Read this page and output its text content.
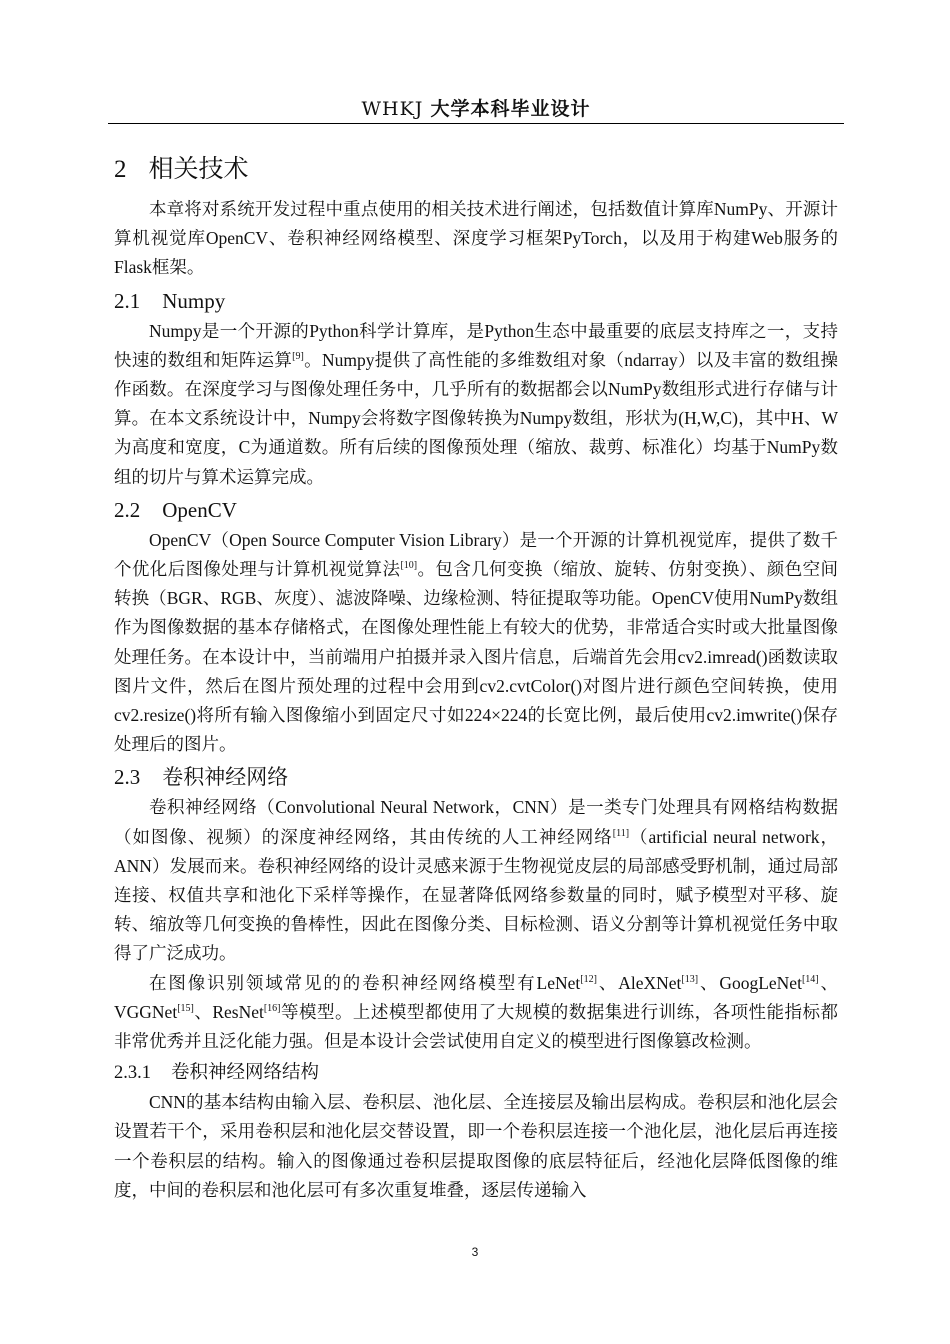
WHKJ 大学本科毕业设计
2 相关技术

本章将对系统开发过程中重点使用的相关技术进行阐述，包括数值计算库NumPy、开源计算机视觉库OpenCV、卷积神经网络模型、深度学习框架PyTorch，以及用于构建Web服务的Flask框架。

2.1 Numpy

Numpy是一个开源的Python科学计算库，是Python生态中最重要的底层支持库之一，支持快速的数组和矩阵运算[9]。Numpy提供了高性能的多维数组对象（ndarray）以及丰富的数组操作函数。在深度学习与图像处理任务中，几乎所有的数据都会以NumPy数组形式进行存储与计算。在本文系统设计中，Numpy会将数字图像转换为Numpy数组，形状为(H,W,C)，其中H、W为高度和宽度，C为通道数。所有后续的图像预处理（缩放、裁剪、标准化）均基于NumPy数组的切片与算术运算完成。

2.2 OpenCV

OpenCV（Open Source Computer Vision Library）是一个开源的计算机视觉库，提供了数千个优化后图像处理与计算机视觉算法[10]。包含几何变换（缩放、旋转、仿射变换）、颜色空间转换（BGR、RGB、灰度）、滤波降噪、边缘检测、特征提取等功能。OpenCV使用NumPy数组作为图像数据的基本存储格式，在图像处理性能上有较大的优势，非常适合实时或大批量图像处理任务。在本设计中，当前端用户拍摄并录入图片信息，后端首先会用cv2.imread()函数读取图片文件，然后在图片预处理的过程中会用到cv2.cvtColor()对图片进行颜色空间转换，使用cv2.resize()将所有输入图像缩小到固定尺寸如224×224的长宽比例，最后使用cv2.imwrite()保存处理后的图片。

2.3 卷积神经网络

卷积神经网络（Convolutional Neural Network，CNN）是一类专门处理具有网格结构数据（如图像、视频）的深度神经网络，其由传统的人工神经网络[11]（artificial neural network，ANN）发展而来。卷积神经网络的设计灵感来源于生物视觉皮层的局部感受野机制，通过局部连接、权值共享和池化下采样等操作，在显著降低网络参数量的同时，赋予模型对平移、旋转、缩放等几何变换的鲁棒性，因此在图像分类、目标检测、语义分割等计算机视觉任务中取得了广泛成功。

在图像识别领域常见的的卷积神经网络模型有LeNet[12]、AleXNet[13]、GoogLeNet[14]、VGGNet[15]、ResNet[16]等模型。上述模型都使用了大规模的数据集进行训练，各项性能指标都非常优秀并且泛化能力强。但是本设计会尝试使用自定义的模型进行图像篡改检测。

2.3.1 卷积神经网络结构

CNN的基本结构由输入层、卷积层、池化层、全连接层及输出层构成。卷积层和池化层会设置若干个，采用卷积层和池化层交替设置，即一个卷积层连接一个池化层，池化层后再连接一个卷积层的结构。输入的图像通过卷积层提取图像的底层特征后，经池化层降低图像的维度，中间的卷积层和池化层可有多次重复堆叠，逐层传递输入

3
